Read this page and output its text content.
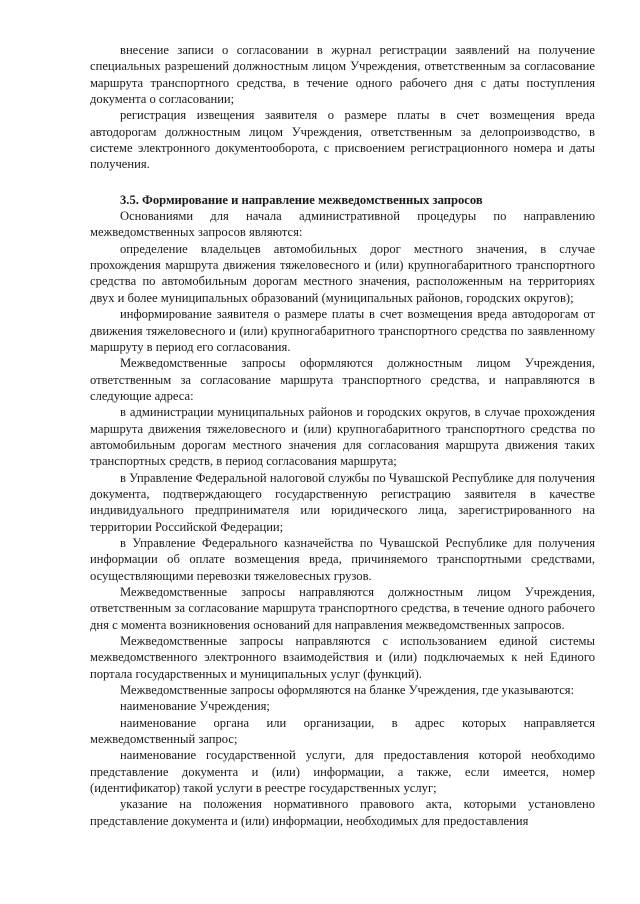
внесение записи о согласовании в журнал регистрации заявлений на получение специальных разрешений должностным лицом Учреждения, ответственным за согласование маршрута транспортного средства, в течение одного рабочего дня с даты поступления документа о согласовании;

регистрация извещения заявителя о размере платы в счет возмещения вреда автодорогам должностным лицом Учреждения, ответственным за делопроизводство, в системе электронного документооборота, с присвоением регистрационного номера и даты получения.

3.5. Формирование и направление межведомственных запросов

Основаниями для начала административной процедуры по направлению межведомственных запросов являются:

определение владельцев автомобильных дорог местного значения, в случае прохождения маршрута движения тяжеловесного и (или) крупногабаритного транспортного средства по автомобильным дорогам местного значения, расположенным на территориях двух и более муниципальных образований (муниципальных районов, городских округов);

информирование заявителя о размере платы в счет возмещения вреда автодорогам от движения тяжеловесного и (или) крупногабаритного транспортного средства по заявленному маршруту в период его согласования.

Межведомственные запросы оформляются должностным лицом Учреждения, ответственным за согласование маршрута транспортного средства, и направляются в следующие адреса:

в администрации муниципальных районов и городских округов, в случае прохождения маршрута движения тяжеловесного и (или) крупногабаритного транспортного средства по автомобильным дорогам местного значения для согласования маршрута движения таких транспортных средств, в период согласования маршрута;

в Управление Федеральной налоговой службы по Чувашской Республике для получения документа, подтверждающего государственную регистрацию заявителя в качестве индивидуального предпринимателя или юридического лица, зарегистрированного на территории Российской Федерации;

в Управление Федерального казначейства по Чувашской Республике для получения информации об оплате возмещения вреда, причиняемого транспортными средствами, осуществляющими перевозки тяжеловесных грузов.

Межведомственные запросы направляются должностным лицом Учреждения, ответственным за согласование маршрута транспортного средства, в течение одного рабочего дня с момента возникновения оснований для направления межведомственных запросов.

Межведомственные запросы направляются с использованием единой системы межведомственного электронного взаимодействия и (или) подключаемых к ней Единого портала государственных и муниципальных услуг (функций).

Межведомственные запросы оформляются на бланке Учреждения, где указываются:

наименование Учреждения;

наименование органа или организации, в адрес которых направляется межведомственный запрос;

наименование государственной услуги, для предоставления которой необходимо представление документа и (или) информации, а также, если имеется, номер (идентификатор) такой услуги в реестре государственных услуг;

указание на положения нормативного правового акта, которыми установлено представление документа и (или) информации, необходимых для предоставления
